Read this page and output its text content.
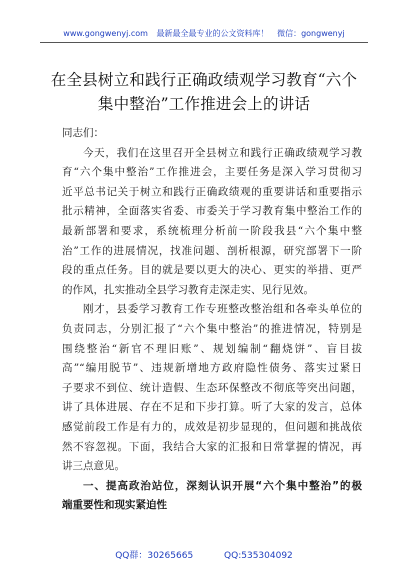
www.gongwenyj.com 最新最全最专业的公文资料库！ 微信：gongwenyj
在全县树立和践行正确政绩观学习教育“六个
集中整治”工作推进会上的讲话
同志们：
今天，我们在这里召开全县树立和践行正确政绩观学习教
育“六个集中整治”工作推进会，主要任务是深入学习贯彻习
近平总书记关于树立和践行正确政绩观的重要讲话和重要指示
批示精神，全面落实省委、市委关于学习教育集中整治工作的
最新部署和要求，系统梳理分析前一阶段我县“六个集中整
治”工作的进展情况，找准问题、剖析根源，研究部署下一阶
段的重点任务。目的就是要以更大的决心、更实的举措、更严
的作风，扎实推动全县学习教育走深走实、见行见效。
刚才，县委学习教育工作专班整改整治组和各牵头单位的
负责同志，分别汇报了“六个集中整治”的推进情况，特别是
围绕整治“新官不理旧账”、规划编制“翻烧饼”、盲目拔
高”“编用脱节”、违规新增地方政府隐性债务、落实过紧日
子要求不到位、统计造假、生态环保整改不彻底等突出问题，
讲了具体进展、存在不足和下步打算。听了大家的发言，总体
感觉前段工作是有力的，成效是初步显现的，但问题和挑战依
然不容忽视。下面，我结合大家的汇报和日常掌握的情况，再
讲三点意见。
一、提高政治站位，深刻认识开展“六个集中整治”的极
端重要性和现实紧迫性
QQ群：30265665	QQ:535304092
